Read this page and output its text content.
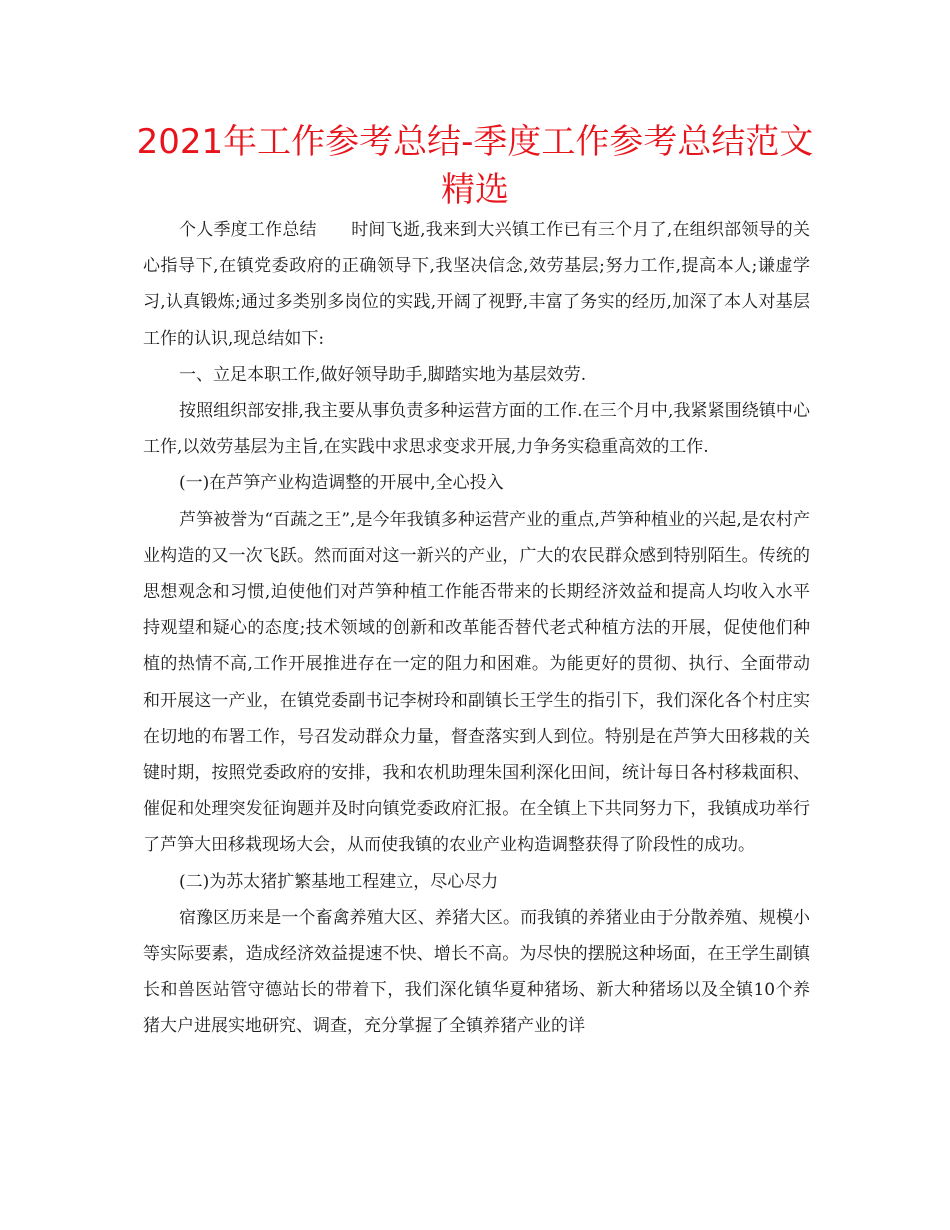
2021年工作参考总结-季度工作参考总结范文精选

个人季度工作总结　　时间飞逝,我来到大兴镇工作已有三个月了,在组织部领导的关心指导下,在镇党委政府的正确领导下,我坚决信念,效劳基层;努力工作,提高本人;谦虚学习,认真锻炼;通过多类别多岗位的实践,开阔了视野,丰富了务实的经历,加深了本人对基层工作的认识,现总结如下:

一、立足本职工作,做好领导助手,脚踏实地为基层效劳.

按照组织部安排,我主要从事负责多种运营方面的工作.在三个月中,我紧紧围绕镇中心工作,以效劳基层为主旨,在实践中求思求变求开展,力争务实稳重高效的工作.

(一)在芦笋产业构造调整的开展中,全心投入

芦笋被誉为“百蔬之王”,是今年我镇多种运营产业的重点,芦笋种植业的兴起,是农村产业构造的又一次飞跃。然而面对这一新兴的产业，广大的农民群众感到特别陌生。传统的思想观念和习惯,迫使他们对芦笋种植工作能否带来的长期经济效益和提高人均收入水平持观望和疑心的态度;技术领域的创新和改革能否替代老式种植方法的开展，促使他们种植的热情不高,工作开展推进存在一定的阻力和困难。为能更好的贯彻、执行、全面带动和开展这一产业，在镇党委副书记李树玲和副镇长王学生的指引下，我们深化各个村庄实在切地的布署工作，号召发动群众力量，督查落实到人到位。特别是在芦笋大田移栽的关键时期，按照党委政府的安排，我和农机助理朱国利深化田间，统计每日各村移栽面积、催促和处理突发征询题并及时向镇党委政府汇报。在全镇上下共同努力下，我镇成功举行了芦笋大田移栽现场大会，从而使我镇的农业产业构造调整获得了阶段性的成功。

(二)为苏太猪扩繁基地工程建立，尽心尽力

宿豫区历来是一个畜禽养殖大区、养猪大区。而我镇的养猪业由于分散养殖、规模小等实际要素，造成经济效益提速不快、增长不高。为尽快的摆脱这种场面，在王学生副镇长和兽医站管守德站长的带着下，我们深化镇华夏种猪场、新大种猪场以及全镇10个养猪大户进展实地研究、调查，充分掌握了全镇养猪产业的详
